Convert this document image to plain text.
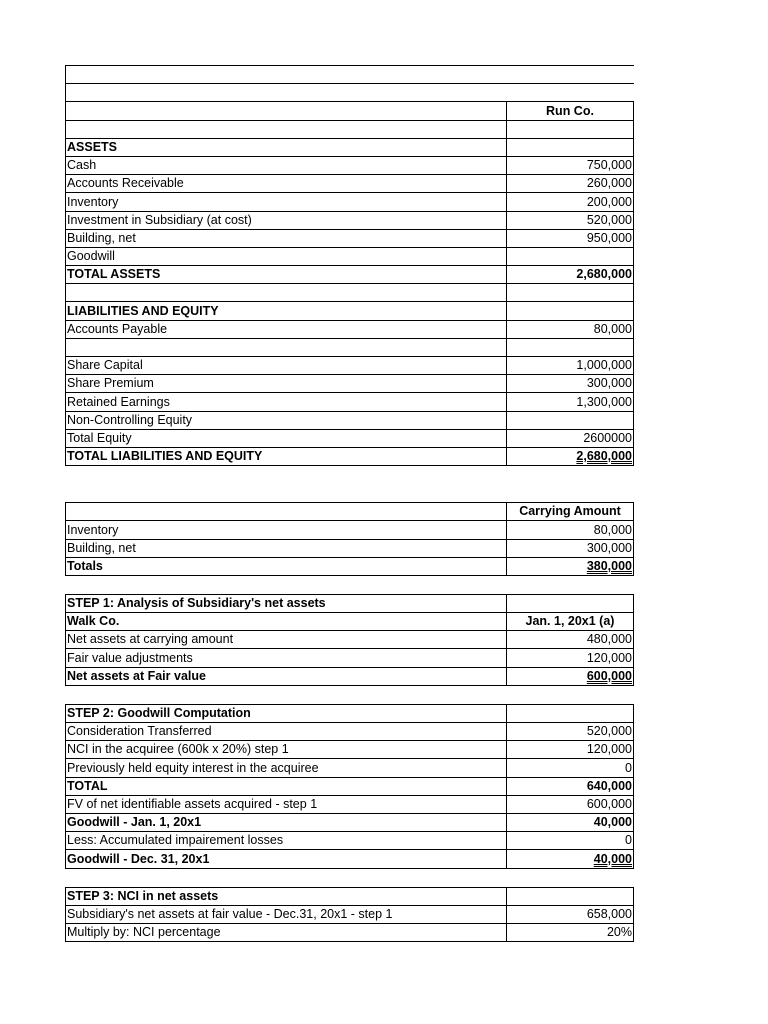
	Run Co.

ASSETS	
Cash	750,000
Accounts Receivable	260,000
Inventory	200,000
Investment in Subsidiary (at cost)	520,000
Building, net	950,000
Goodwill	
TOTAL ASSETS	2,680,000

LIABILITIES AND EQUITY	
Accounts Payable	80,000

Share Capital	1,000,000
Share Premium	300,000
Retained Earnings	1,300,000
Non-Controlling Equity	
Total Equity	2600000
TOTAL LIABILITIES AND EQUITY	2,680,000
	Carrying Amount
Inventory	80,000
Building, net	300,000
Totals	380,000
STEP 1: Analysis of Subsidiary's net assets	
Walk Co.	Jan. 1, 20x1 (a)
Net assets at carrying amount	480,000
Fair value adjustments	120,000
Net assets at Fair value	600,000
STEP 2: Goodwill Computation	
Consideration Transferred	520,000
NCI in the acquiree (600k x 20%) step 1	120,000
Previously held equity interest in the acquiree	0
TOTAL	640,000
FV of net identifiable assets acquired - step 1	600,000
Goodwill - Jan. 1, 20x1	40,000
Less: Accumulated impairement losses	0
Goodwill - Dec. 31, 20x1	40,000
STEP 3: NCI in net assets	
Subsidiary's net assets at fair value - Dec.31, 20x1 - step 1	658,000
Multiply by: NCI percentage	20%
